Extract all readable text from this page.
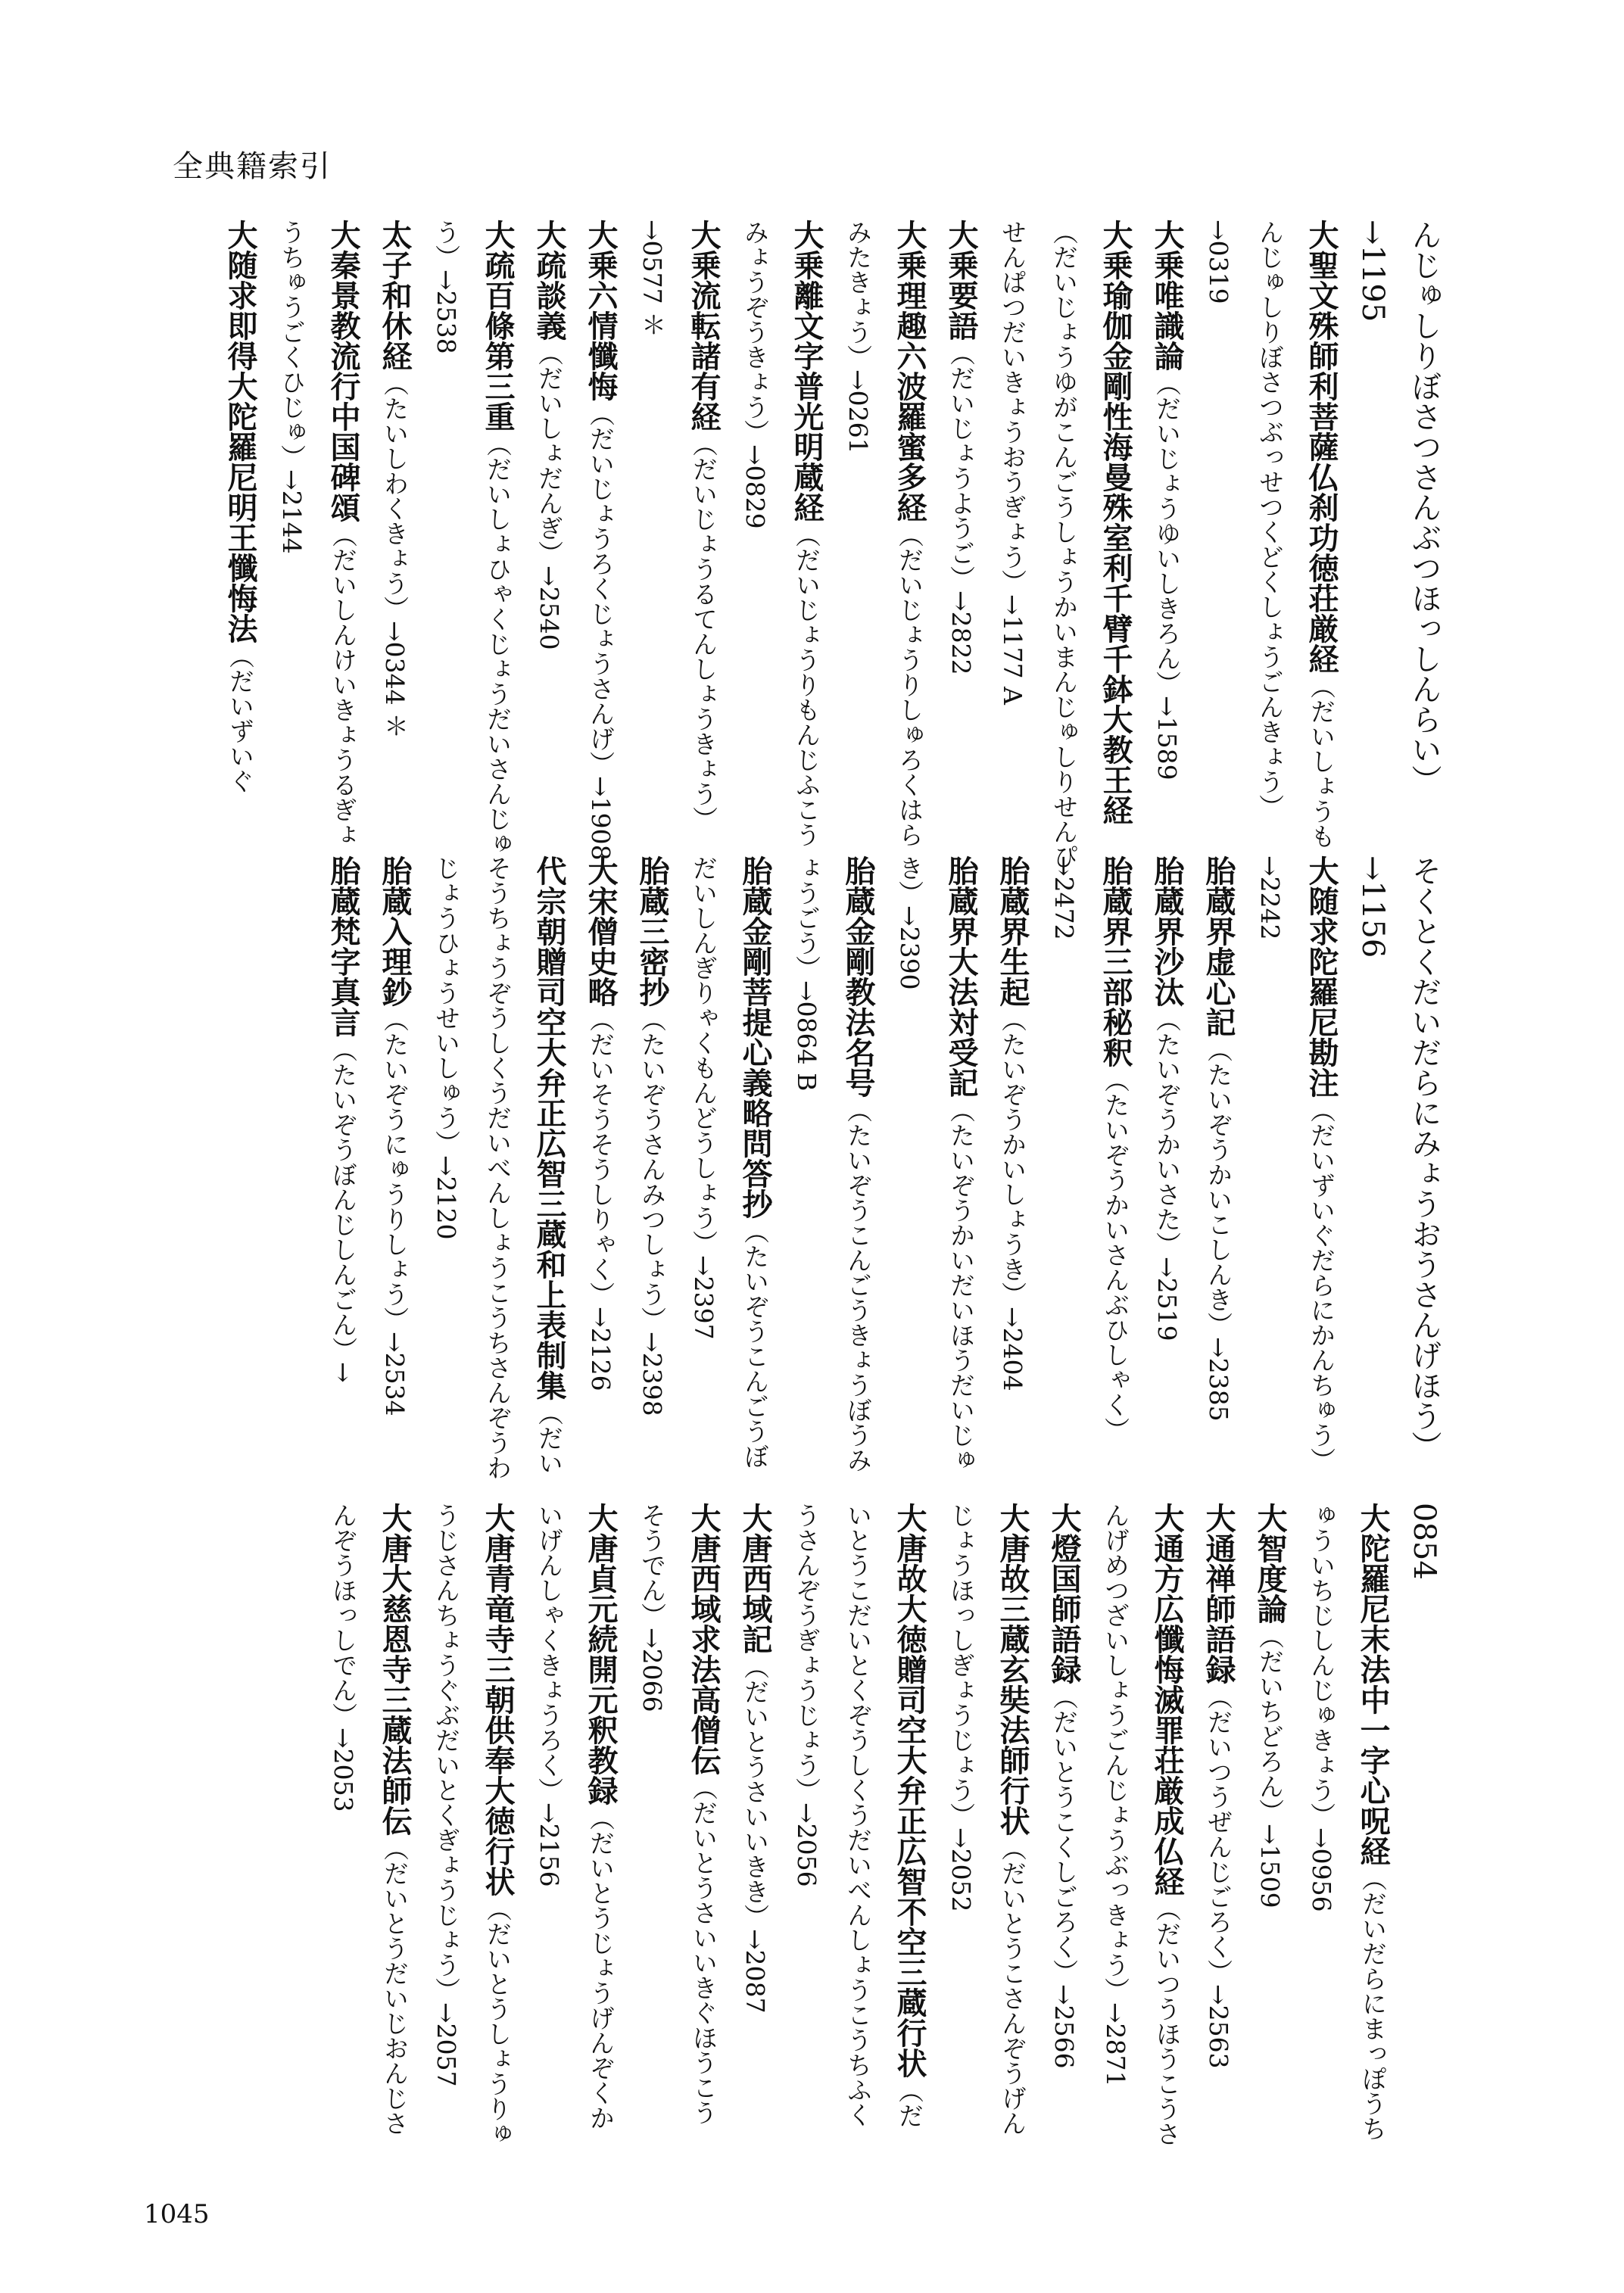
全典籍索引
んじゅしりぼさつさんぶつほっしんらい）→1195
大聖文殊師利菩薩仏刹功徳荘厳経（だいしょうもんじゅしりぼさつぶっせつくどくしょうごんきょう）→0319
大乗唯識論（だいじょうゆいしきろん）→1589
大乗瑜伽金剛性海曼殊室利千臂千鉢大教王経（だいじょうゆがこんごうしょうかいまんじゅしりせんぴせんぱつだいきょうおうぎょう）→1177 A
大乗要語（だいじょうようご）→2822
大乗理趣六波羅蜜多経（だいじょうりしゅろくはらみたきょう）→0261
大乗離文字普光明蔵経（だいじょうりもんじふこうみょうぞうきょう）→0829
大乗流転諸有経（だいじょうるてんしょうきょう）→0577 ＊
大乗六情懺悔（だいじょうろくじょうさんげ）→1908
大疏談義（だいしょだんぎ）→2540
大疏百條第三重（だいしょひゃくじょうだいさんじゅう）→2538
太子和休経（たいしわくきょう）→0344 ＊
大秦景教流行中国碑頌（だいしんけいきょうるぎょうちゅうごくひじゅ）→2144
大随求即得大陀羅尼明王懺悔法（だいずいぐ
そくとくだいだらにみょうおうさんげほう）→1156
大随求陀羅尼勘注（だいずいぐだらにかんちゅう）→2242
胎蔵界虚心記（たいぞうかいこしんき）→2385
胎蔵界沙汰（たいぞうかいさた）→2519
胎蔵界三部秘釈（たいぞうかいさんぶひしゃく）→2472
胎蔵界生起（たいぞうかいしょうき）→2404
胎蔵界大法対受記（たいぞうかいだいほうだいじゅき）→2390
胎蔵金剛教法名号（たいぞうこんごうきょうぼうみょうごう）→0864 B
胎蔵金剛菩提心義略問答抄（たいぞうこんごうぼだいしんぎりゃくもんどうしょう）→2397
胎蔵三密抄（たいぞうさんみつしょう）→2398
大宋僧史略（だいそうそうしりゃく）→2126
代宗朝贈司空大弁正広智三蔵和上表制集（だいそうちょうぞうしくうだいべんしょうこうちさんぞうわじょうひょうせいしゅう）→2120
胎蔵入理鈔（たいぞうにゅうりしょう）→2534
胎蔵梵字真言（たいぞうぼんじしんごん）→
0854
大陀羅尼末法中一字心呪経（だいだらにまっぽうちゅういちじしんじゅきょう）→0956
大智度論（だいちどろん）→1509
大通禅師語録（だいつうぜんじごろく）→2563
大通方広懺悔滅罪荘厳成仏経（だいつうほうこうさんげめつざいしょうごんじょうぶっきょう）→2871
大燈国師語録（だいとうこくしごろく）→2566
大唐故三蔵玄奘法師行状（だいとうこさんぞうげんじょうほっしぎょうじょう）→2052
大唐故大徳贈司空大弁正広智不空三蔵行状（だいとうこだいとくぞうしくうだいべんしょうこうちふくうさんぞうぎょうじょう）→2056
大唐西域記（だいとうさいいきき）→2087
大唐西域求法高僧伝（だいとうさいいきぐほうこうそうでん）→2066
大唐貞元続開元釈教録（だいとうじょうげんぞくかいげんしゃくきょうろく）→2156
大唐青竜寺三朝供奉大徳行状（だいとうしょうりゅうじさんちょうぐぶだいとくぎょうじょう）→2057
大唐大慈恩寺三蔵法師伝（だいとうだいじおんじさんぞうほっしでん）→2053
1045
